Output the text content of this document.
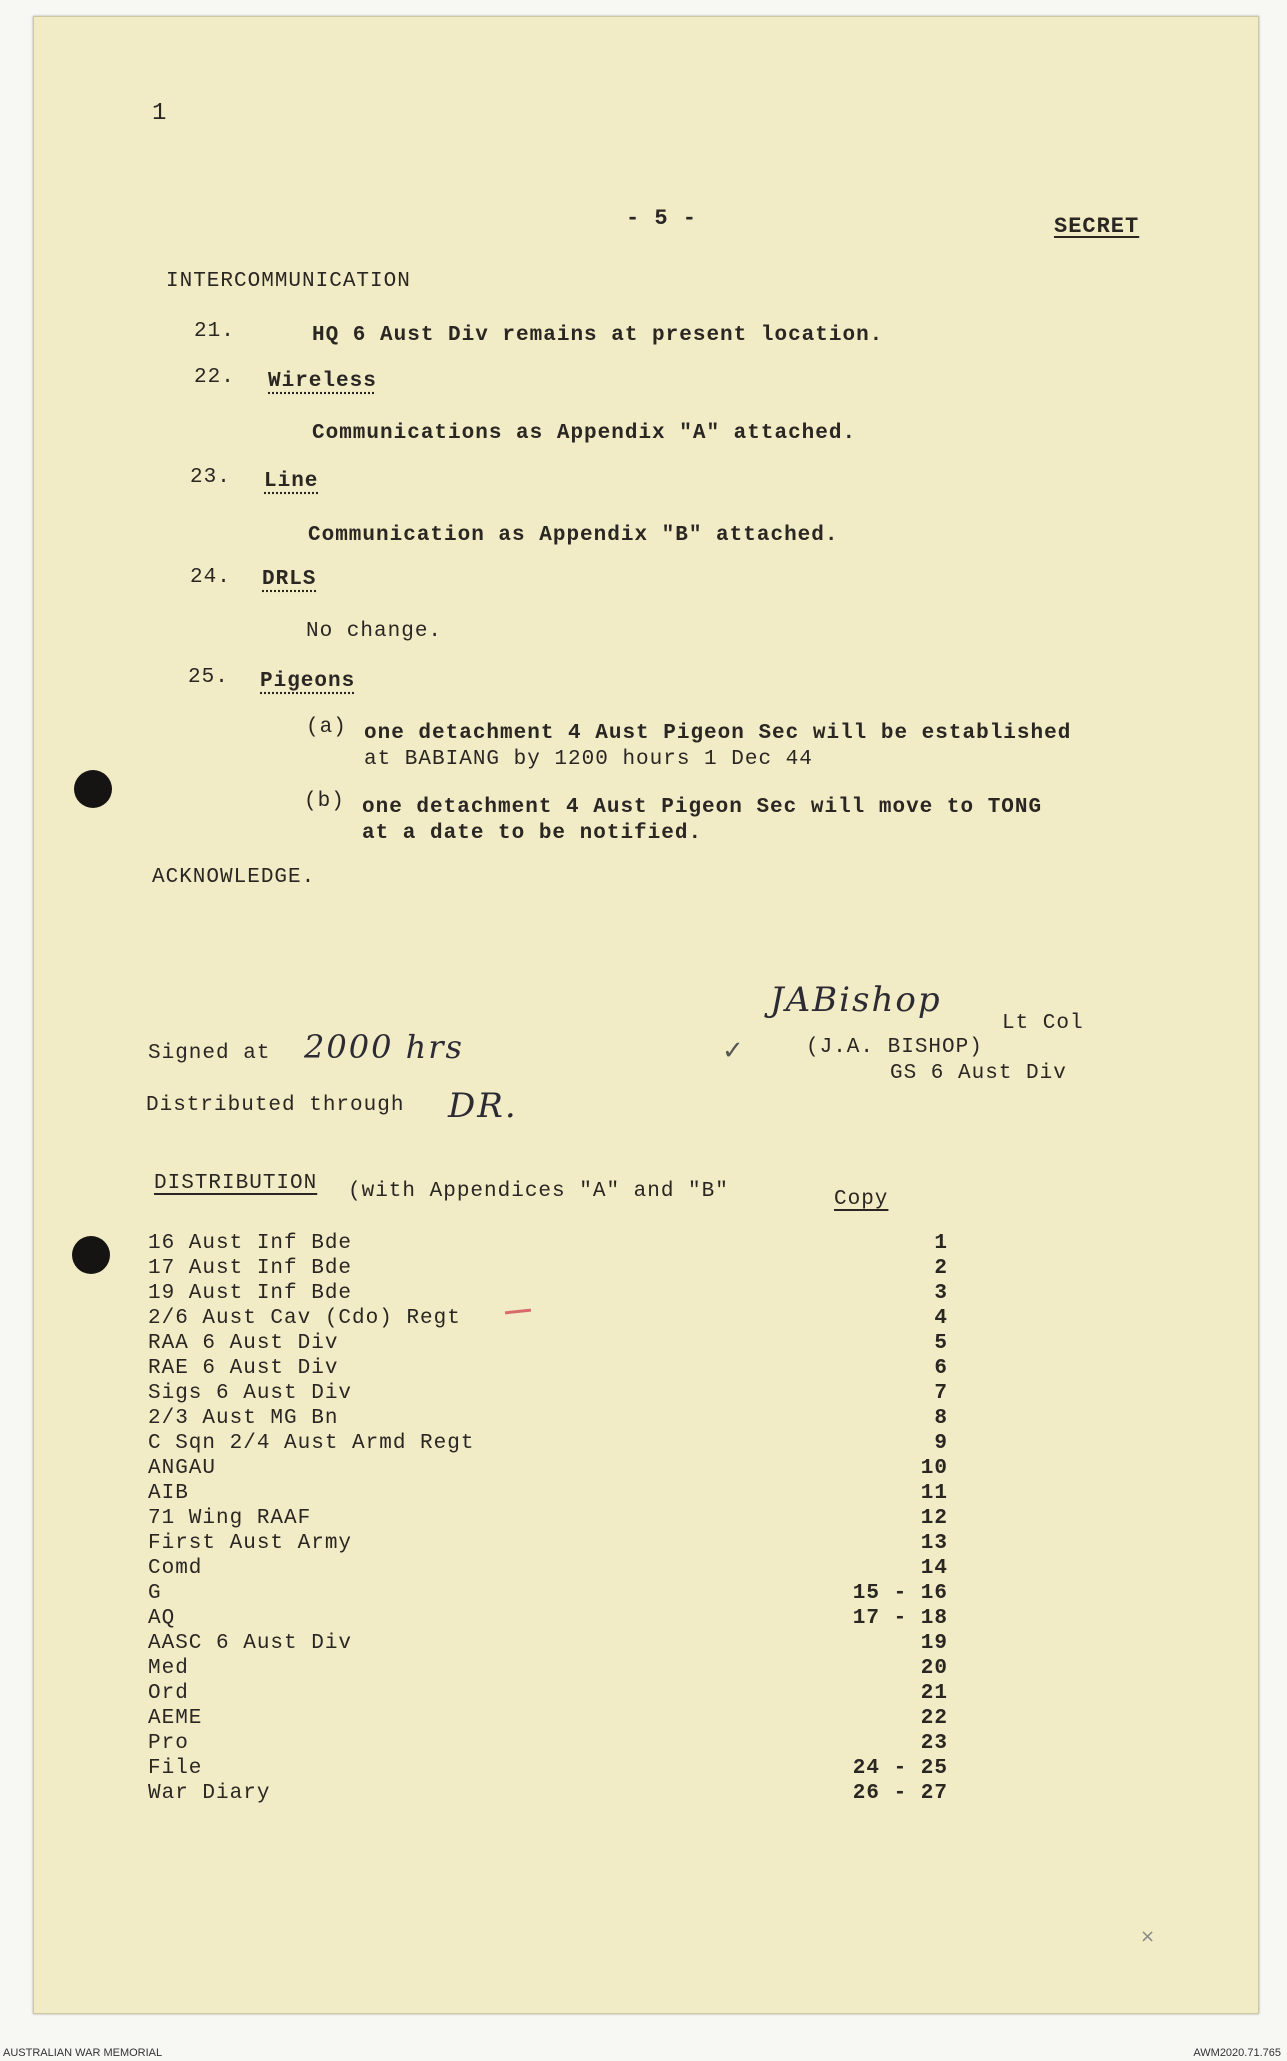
1
- 5 -	SECRET
INTERCOMMUNICATION
21.	HQ 6 Aust Div remains at present location.
22. Wireless
Communications as Appendix "A" attached.
23. Line
Communication as Appendix "B" attached.
24. DRLS
No change.
25. Pigeons
(a) one detachment 4 Aust Pigeon Sec will be established
at BABIANG by 1200 hours 1 Dec 44
(b) one detachment 4 Aust Pigeon Sec will move to TONG
at a date to be notified.
ACKNOWLEDGE.
JABishop
✓
Lt Col
(J.A. BISHOP)
GS 6 Aust Div
Signed at 2000 hrs
Distributed through DR.
DISTRIBUTION (with Appendices "A" and "B"	Copy
16 Aust Inf Bde	1
17 Aust Inf Bde	2
19 Aust Inf Bde	3
2/6 Aust Cav (Cdo) Regt	4
RAA 6 Aust Div	5
RAE 6 Aust Div	6
Sigs 6 Aust Div	7
2/3 Aust MG Bn	8
C Sqn 2/4 Aust Armd Regt	9
ANGAU	10
AIB	11
71 Wing RAAF	12
First Aust Army	13
Comd	14
G	15 - 16
AQ	17 - 18
AASC 6 Aust Div	19
Med	20
Ord	21
AEME	22
Pro	23
File	24 - 25
War Diary	26 - 27
×
AUSTRALIAN WAR MEMORIAL	AWM2020.71.765
